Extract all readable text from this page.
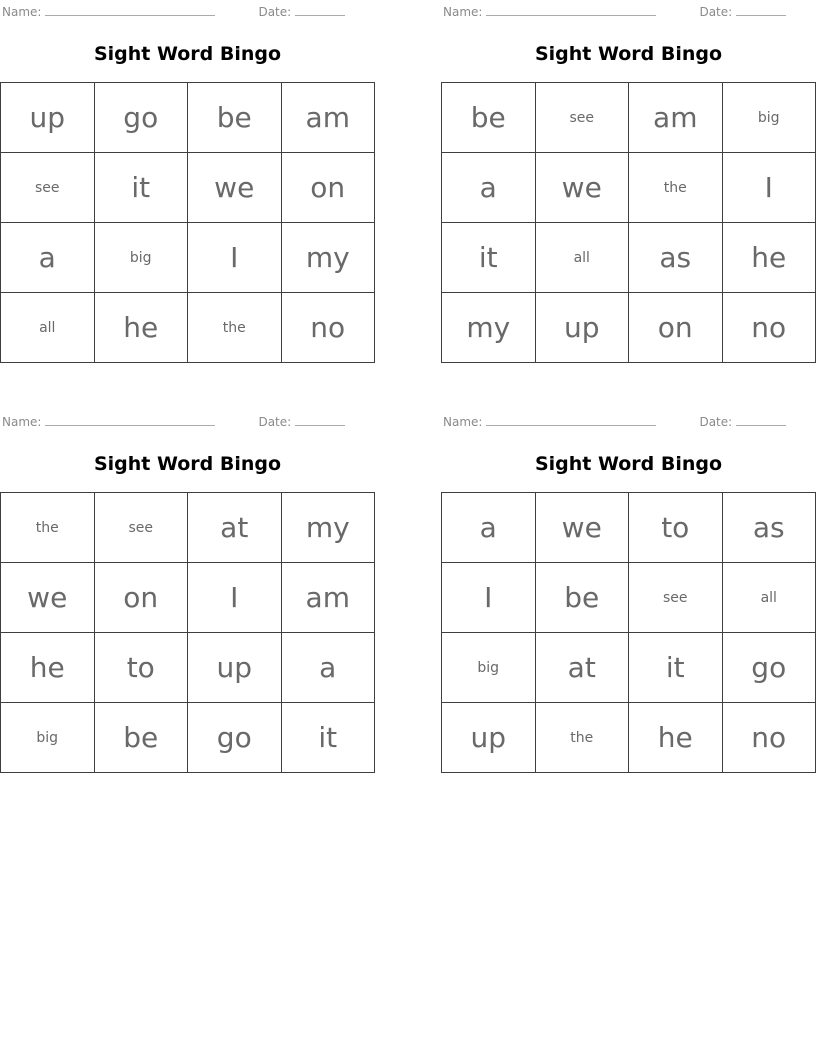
Name:	Date:
Sight Word Bingo
up	go	be	am
see	it	we	on
a	big	I	my
all	he	the	no
Name:	Date:
Sight Word Bingo
be	see	am	big
a	we	the	I
it	all	as	he
my	up	on	no
Name:	Date:
Sight Word Bingo
the	see	at	my
we	on	I	am
he	to	up	a
big	be	go	it
Name:	Date:
Sight Word Bingo
a	we	to	as
I	be	see	all
big	at	it	go
up	the	he	no
